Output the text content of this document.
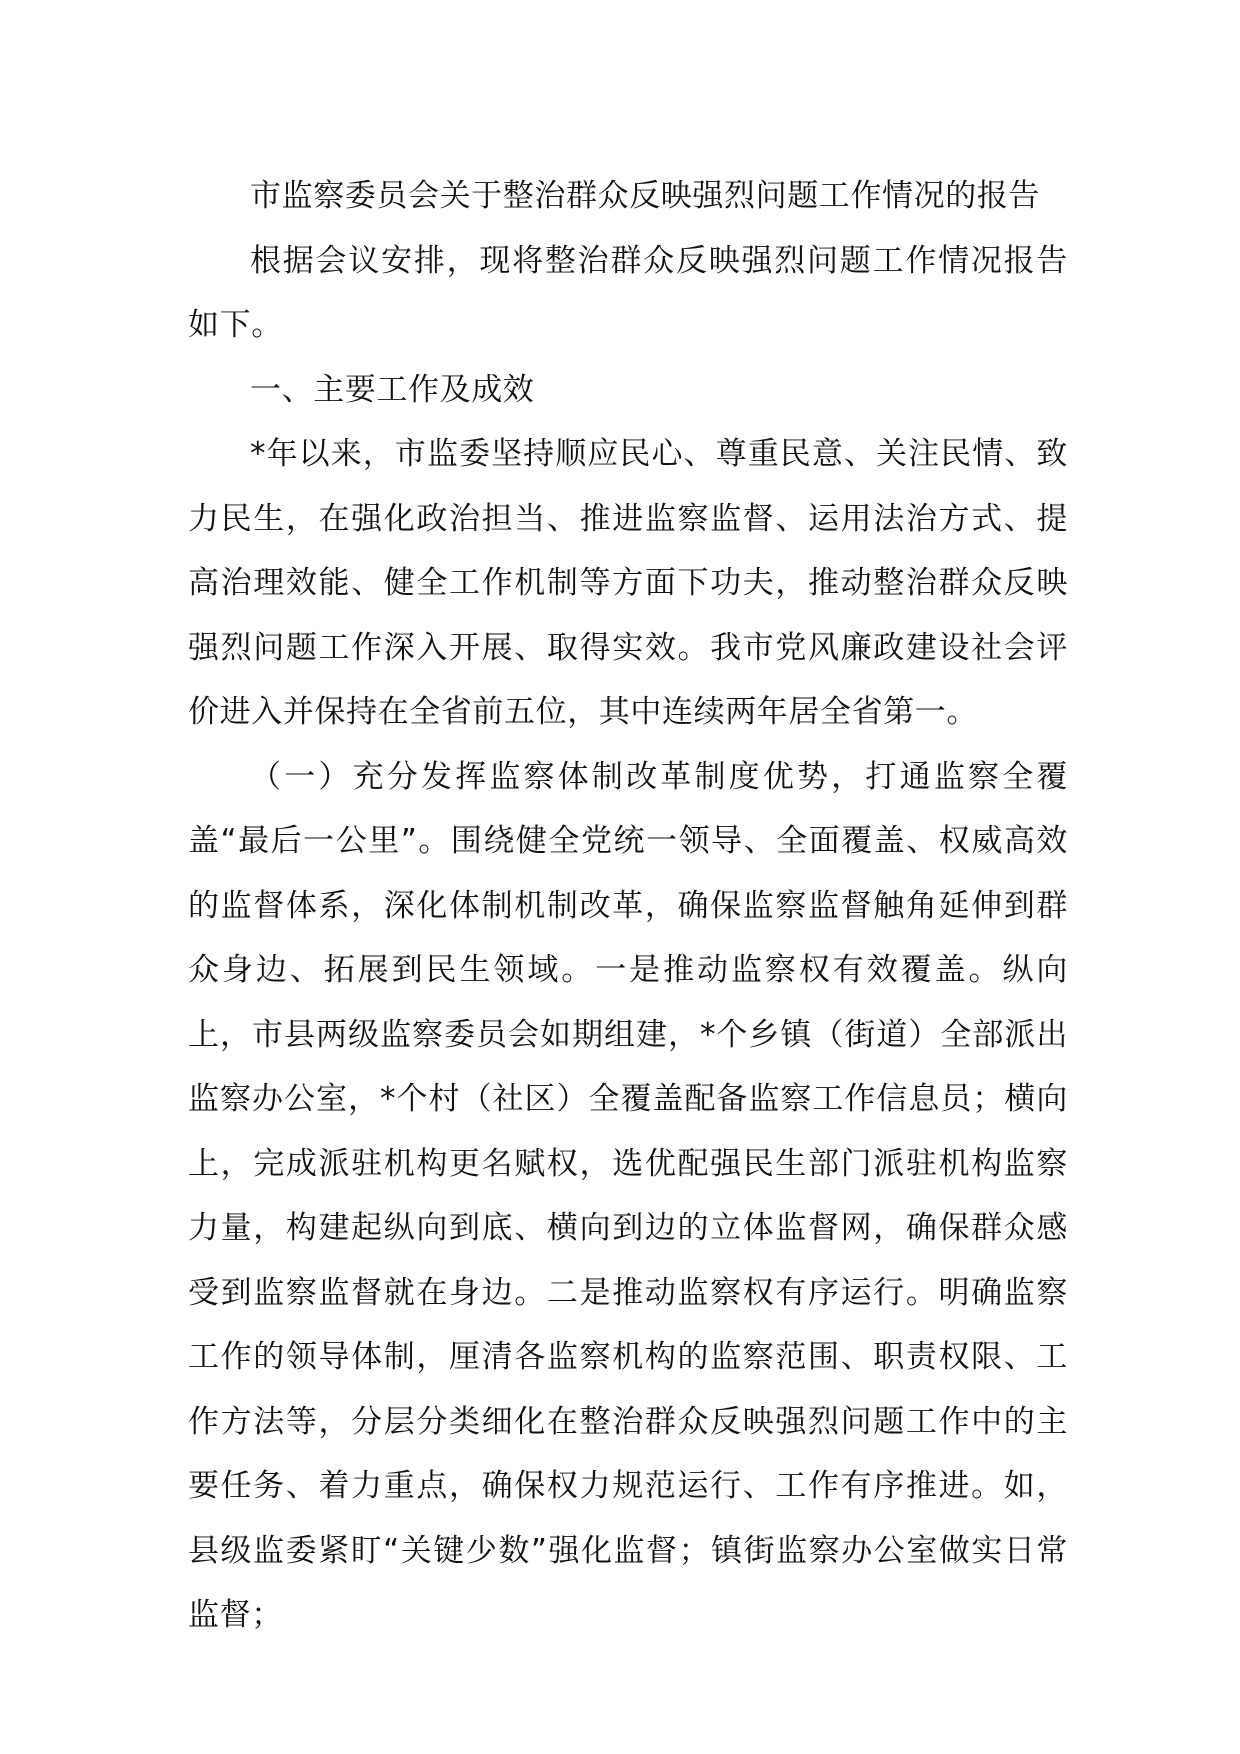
市监察委员会关于整治群众反映强烈问题工作情况的报告

根据会议安排，现将整治群众反映强烈问题工作情况报告如下。

一、主要工作及成效

*年以来，市监委坚持顺应民心、尊重民意、关注民情、致力民生，在强化政治担当、推进监察监督、运用法治方式、提高治理效能、健全工作机制等方面下功夫，推动整治群众反映强烈问题工作深入开展、取得实效。我市党风廉政建设社会评价进入并保持在全省前五位，其中连续两年居全省第一。

（一）充分发挥监察体制改革制度优势，打通监察全覆盖“最后一公里”。围绕健全党统一领导、全面覆盖、权威高效的监督体系，深化体制机制改革，确保监察监督触角延伸到群众身边、拓展到民生领域。一是推动监察权有效覆盖。纵向上，市县两级监察委员会如期组建，*个乡镇（街道）全部派出监察办公室，*个村（社区）全覆盖配备监察工作信息员；横向上，完成派驻机构更名赋权，选优配强民生部门派驻机构监察力量，构建起纵向到底、横向到边的立体监督网，确保群众感受到监察监督就在身边。二是推动监察权有序运行。明确监察工作的领导体制，厘清各监察机构的监察范围、职责权限、工作方法等，分层分类细化在整治群众反映强烈问题工作中的主要任务、着力重点，确保权力规范运行、工作有序推进。如，县级监委紧盯“关键少数”强化监督；镇街监察办公室做实日常监督；
